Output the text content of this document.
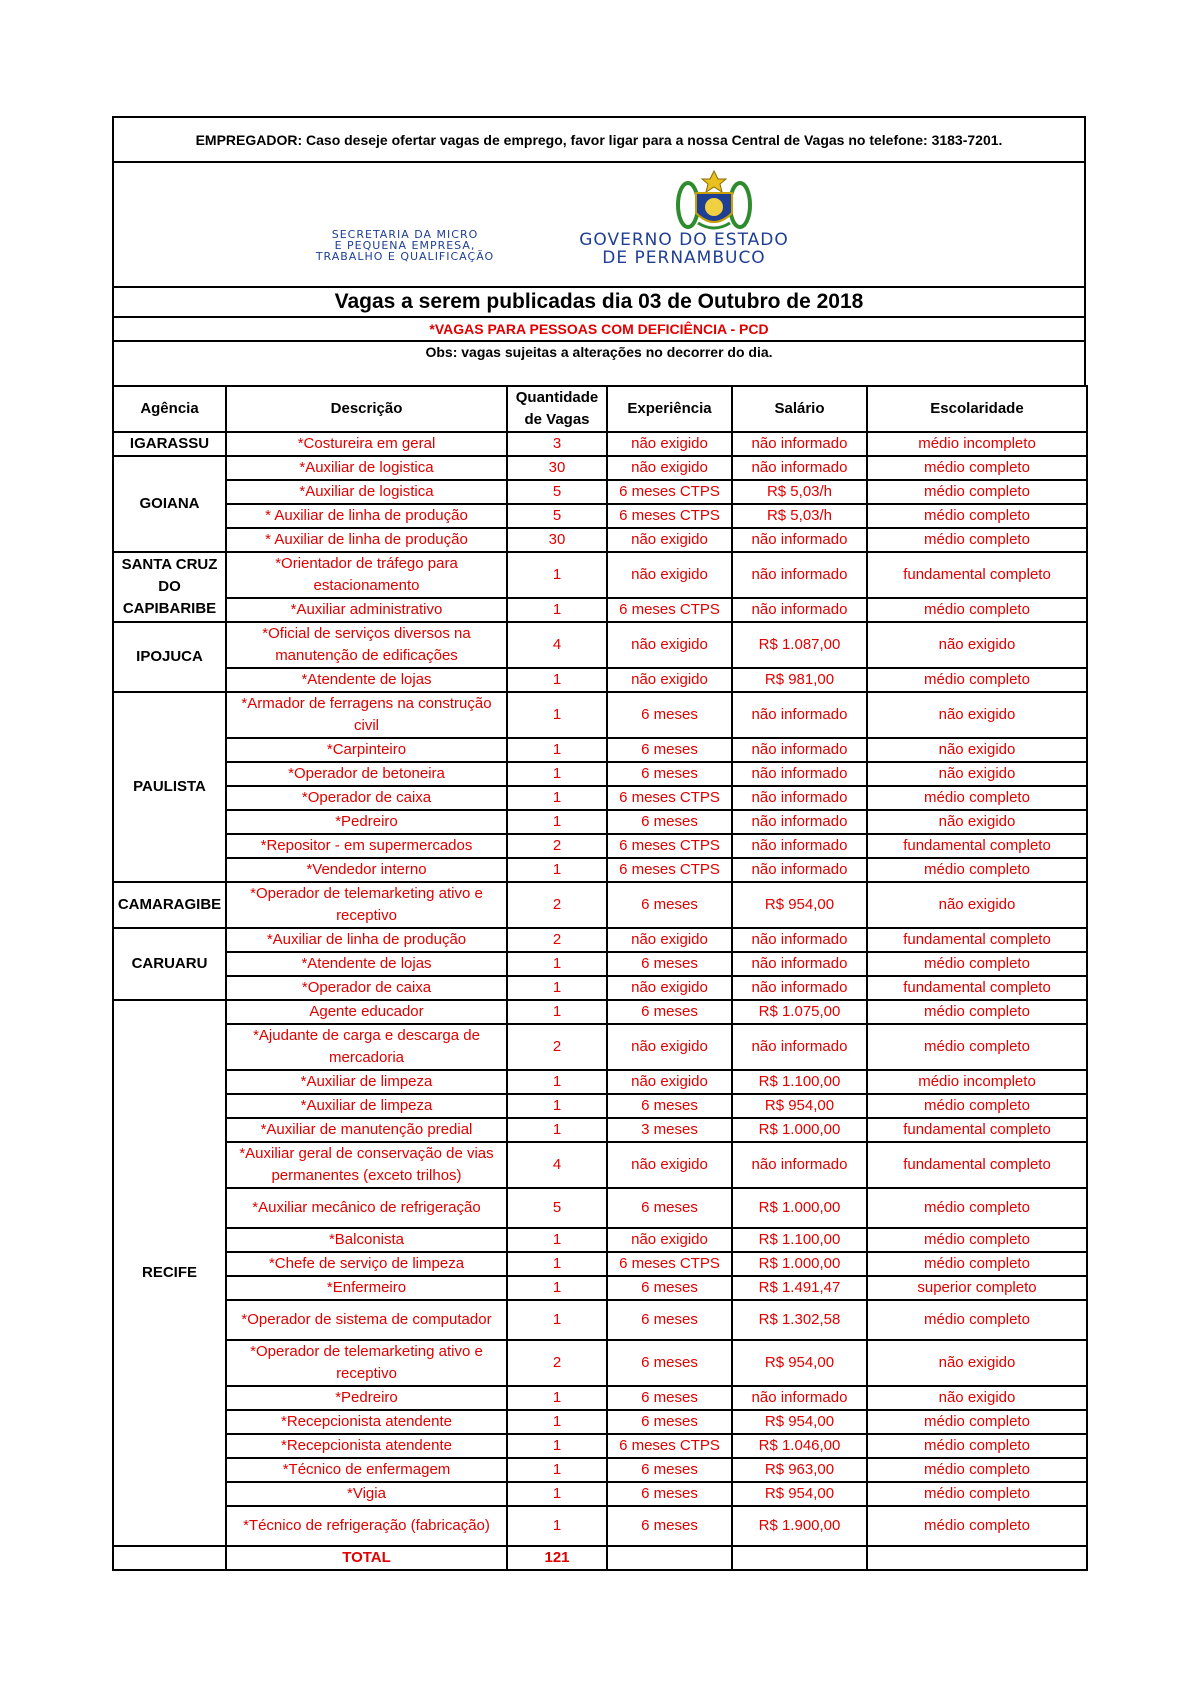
EMPREGADOR: Caso deseje ofertar vagas de emprego, favor ligar para a nossa Central de Vagas no telefone: 3183-7201.

SECRETARIA DA MICRO
E PEQUENA EMPRESA,
TRABALHO E QUALIFICAÇÃO
GOVERNO DO ESTADO
DE PERNAMBUCO

Vagas a serem publicadas dia 03 de Outubro de 2018
*VAGAS PARA PESSOAS COM DEFICIÊNCIA - PCD
Obs: vagas sujeitas a alterações no decorrer do dia.
Agência	Descrição	Quantidade de Vagas	Experiência	Salário	Escolaridade
IGARASSU	*Costureira em geral	3	não exigido	não informado	médio incompleto
GOIANA	*Auxiliar de logistica	30	não exigido	não informado	médio completo
	*Auxiliar de logistica	5	6 meses CTPS	R$ 5,03/h	médio completo
	* Auxiliar de linha de produção	5	6 meses CTPS	R$ 5,03/h	médio completo
	* Auxiliar de linha de produção	30	não exigido	não informado	médio completo
SANTA CRUZ DO CAPIBARIBE	*Orientador de tráfego para estacionamento	1	não exigido	não informado	fundamental completo
	*Auxiliar administrativo	1	6 meses CTPS	não informado	médio completo
IPOJUCA	*Oficial de serviços diversos na manutenção de edificações	4	não exigido	R$ 1.087,00	não exigido
	*Atendente de lojas	1	não exigido	R$ 981,00	médio completo
PAULISTA	*Armador de ferragens na construção civil	1	6 meses	não informado	não exigido
	*Carpinteiro	1	6 meses	não informado	não exigido
	*Operador de betoneira	1	6 meses	não informado	não exigido
	*Operador de caixa	1	6 meses CTPS	não informado	médio completo
	*Pedreiro	1	6 meses	não informado	não exigido
	*Repositor - em supermercados	2	6 meses CTPS	não informado	fundamental completo
	*Vendedor interno	1	6 meses CTPS	não informado	médio completo
CAMARAGIBE	*Operador de telemarketing ativo e receptivo	2	6 meses	R$ 954,00	não exigido
CARUARU	*Auxiliar de linha de produção	2	não exigido	não informado	fundamental completo
	*Atendente de lojas	1	6 meses	não informado	médio completo
	*Operador de caixa	1	não exigido	não informado	fundamental completo
RECIFE	Agente educador	1	6 meses	R$ 1.075,00	médio completo
	*Ajudante de carga e descarga de mercadoria	2	não exigido	não informado	médio completo
	*Auxiliar de limpeza	1	não exigido	R$ 1.100,00	médio incompleto
	*Auxiliar de limpeza	1	6 meses	R$ 954,00	médio completo
	*Auxiliar de manutenção predial	1	3 meses	R$ 1.000,00	fundamental completo
	*Auxiliar geral de conservação de vias permanentes (exceto trilhos)	4	não exigido	não informado	fundamental completo
	*Auxiliar mecânico de refrigeração	5	6 meses	R$ 1.000,00	médio completo
	*Balconista	1	não exigido	R$ 1.100,00	médio completo
	*Chefe de serviço de limpeza	1	6 meses CTPS	R$ 1.000,00	médio completo
	*Enfermeiro	1	6 meses	R$ 1.491,47	superior completo
	*Operador de sistema de computador	1	6 meses	R$ 1.302,58	médio completo
	*Operador de telemarketing ativo e receptivo	2	6 meses	R$ 954,00	não exigido
	*Pedreiro	1	6 meses	não informado	não exigido
	*Recepcionista atendente	1	6 meses	R$ 954,00	médio completo
	*Recepcionista atendente	1	6 meses CTPS	R$ 1.046,00	médio completo
	*Técnico de enfermagem	1	6 meses	R$ 963,00	médio completo
	*Vigia	1	6 meses	R$ 954,00	médio completo
	*Técnico de refrigeração (fabricação)	1	6 meses	R$ 1.900,00	médio completo
	TOTAL	121			
